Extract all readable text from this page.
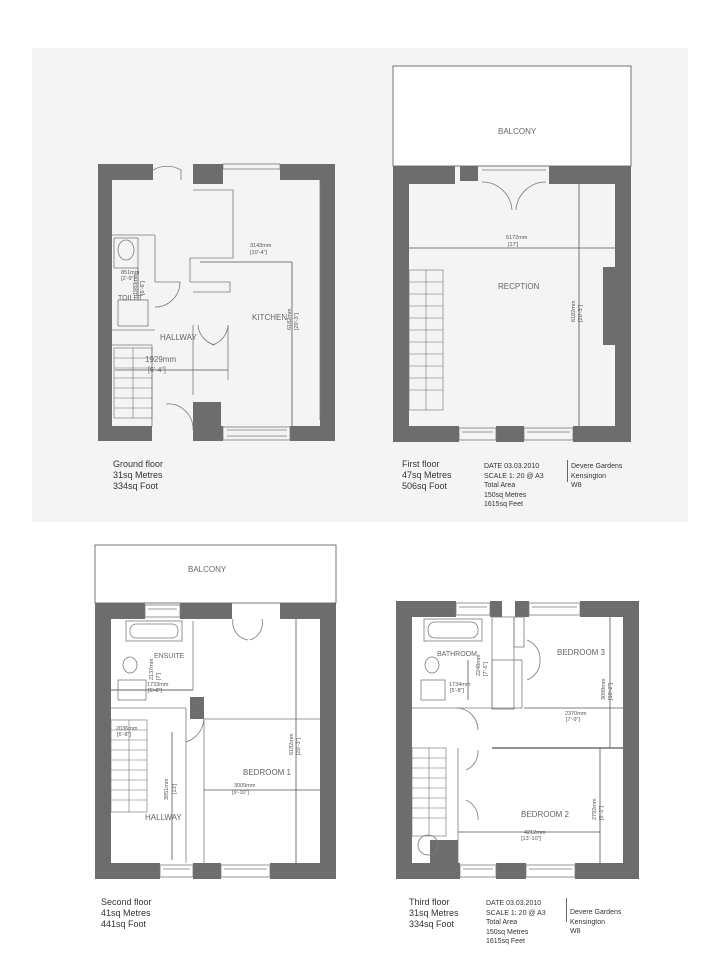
TOILET
HALLWAY
KITCHEN
3143mm
[10'-4"]
6182mm [20'-3"]
851mm
[2'-9"]
1983mm [6'-6"]
1929mm
[6'-4"]
BALCONY
RECPTION
5172mm
[17']
6182mm [20'-3"]
BALCONY
ENSUITE
BEDROOM 1
HALLWAY
2137mm [7']
1733mm
[5'-8"]
2036mm
[6'-8"]
3951mm [13']	3009mm
[9'-10"]
6182mm [20'-3"]
BATHROOM	BEDROOM 3
BEDROOM 2
2248mm [7'-5"]
1734mm
[5'-8"]
2370mm
[7'-9"]
3098mm [10'-2"]
4212mm
[13'-10"]
2792mm [9'-2"]
Ground floor
31sq Metres
334sq Foot
First floor
47sq Metres
506sq Foot
DATE 03.03.2010
SCALE 1: 20 @ A3
Total Area
150sq Metres
1615sq Feet
Devere Gardens
Kensington
W8
Second floor
41sq Metres
441sq Foot
Third floor
31sq Metres
334sq Foot
DATE 03.03.2010
SCALE 1: 20 @ A3
Total Area
150sq Metres
1615sq Feet
Devere Gardens
Kensington
W8
